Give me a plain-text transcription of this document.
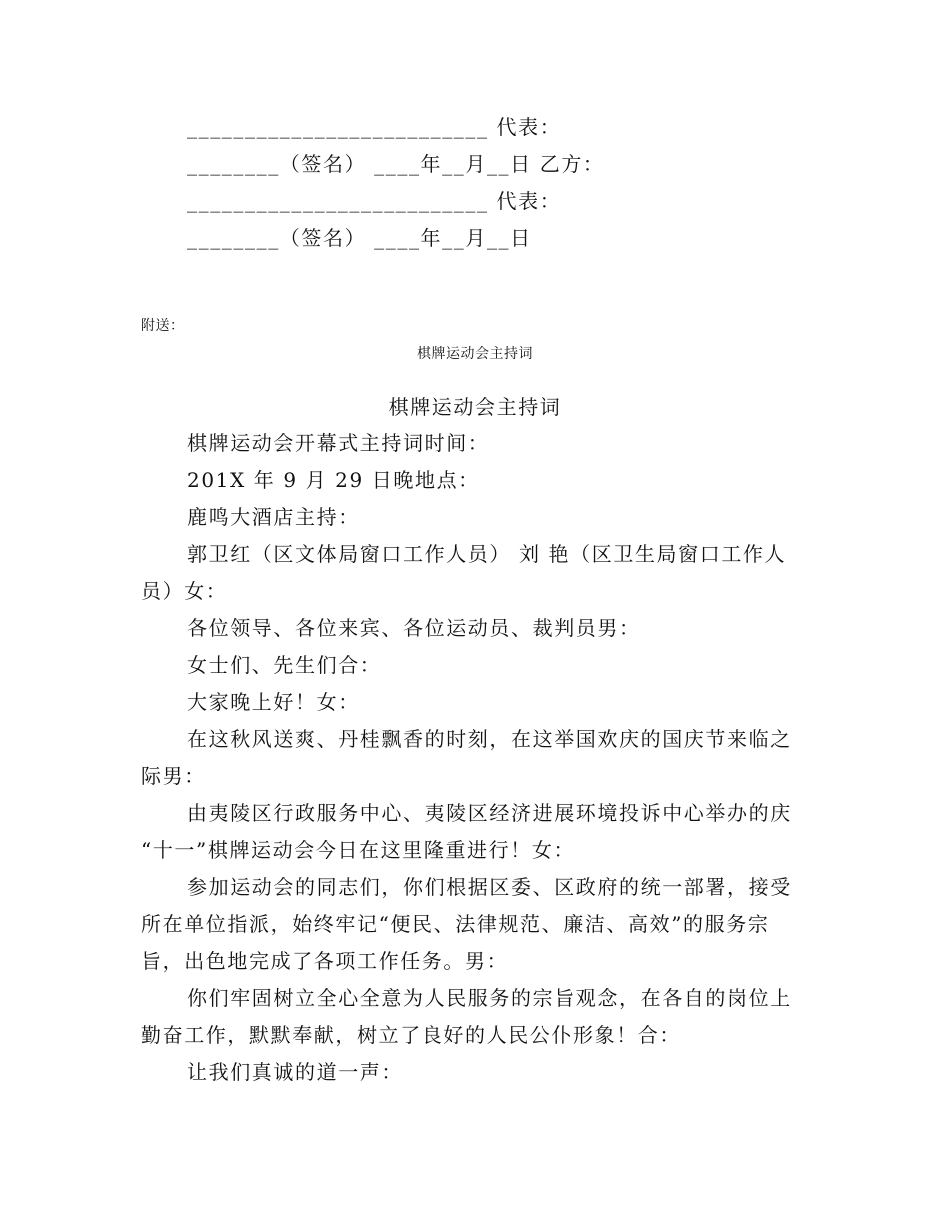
__________________________ 代表：
________（签名） ____年__月__日 乙方：
__________________________ 代表：
________（签名） ____年__月__日
附送：
棋牌运动会主持词
棋牌运动会主持词
棋牌运动会开幕式主持词时间：
201X 年 9 月 29 日晚地点：
鹿鸣大酒店主持：
郭卫红（区文体局窗口工作人员） 刘 艳（区卫生局窗口工作人
员）女：
各位领导、各位来宾、各位运动员、裁判员男：
女士们、先生们合：
大家晚上好！女：
在这秋风送爽、丹桂飘香的时刻，在这举国欢庆的国庆节来临之
际男：
由夷陵区行政服务中心、夷陵区经济进展环境投诉中心举办的庆
“十一”棋牌运动会今日在这里隆重进行！女：
参加运动会的同志们，你们根据区委、区政府的统一部署，接受
所在单位指派，始终牢记“便民、法律规范、廉洁、高效”的服务宗
旨，出色地完成了各项工作任务。男：
你们牢固树立全心全意为人民服务的宗旨观念，在各自的岗位上
勤奋工作，默默奉献，树立了良好的人民公仆形象！合：
让我们真诚的道一声：
